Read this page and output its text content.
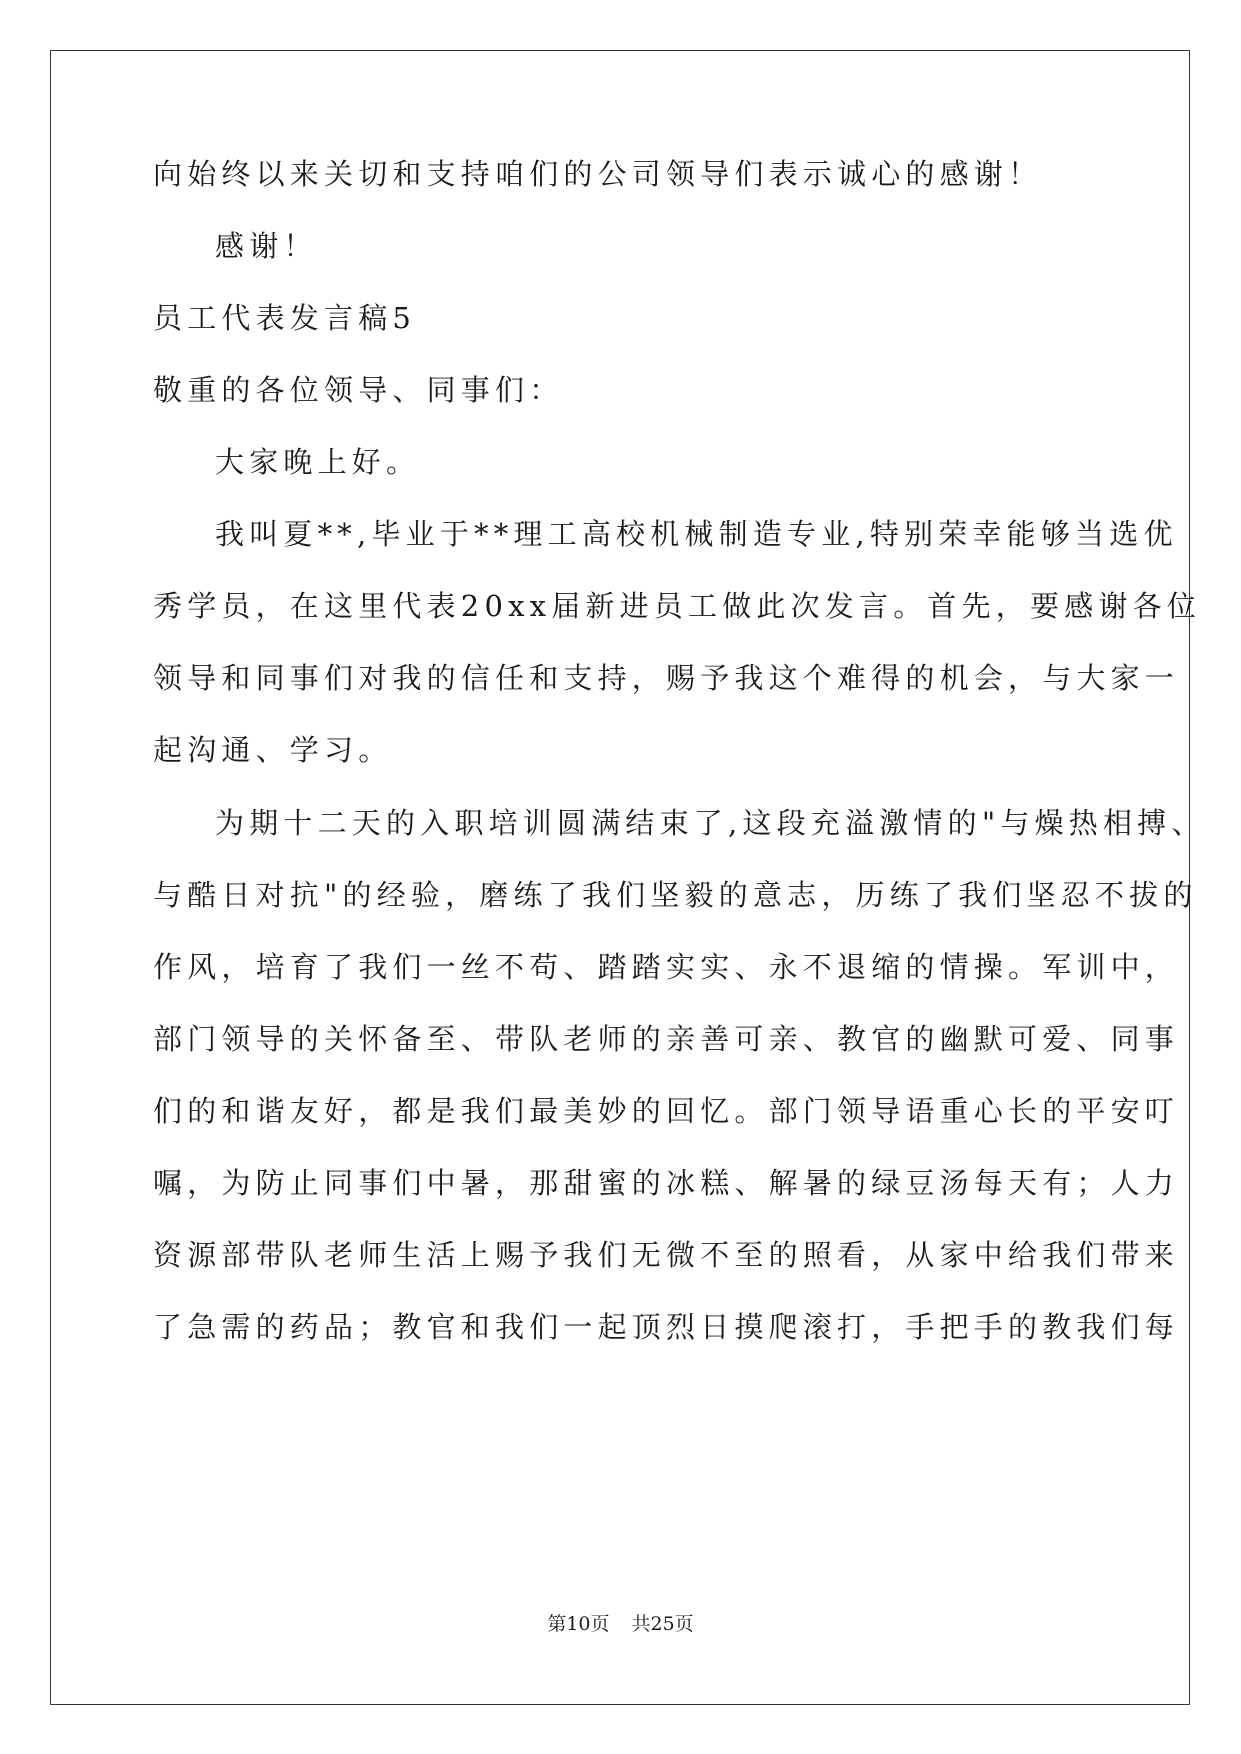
向始终以来关切和支持咱们的公司领导们表示诚心的感谢！
感谢！
员工代表发言稿5
敬重的各位领导、同事们：
大家晚上好。
我叫夏**,毕业于**理工高校机械制造专业,特别荣幸能够当选优
秀学员，在这里代表20xx届新进员工做此次发言。首先，要感谢各位
领导和同事们对我的信任和支持，赐予我这个难得的机会，与大家一
起沟通、学习。
为期十二天的入职培训圆满结束了,这段充溢激情的"与燥热相搏、
与酷日对抗"的经验，磨练了我们坚毅的意志，历练了我们坚忍不拔的
作风，培育了我们一丝不苟、踏踏实实、永不退缩的情操。军训中，
部门领导的关怀备至、带队老师的亲善可亲、教官的幽默可爱、同事
们的和谐友好，都是我们最美妙的回忆。部门领导语重心长的平安叮
嘱，为防止同事们中暑，那甜蜜的冰糕、解暑的绿豆汤每天有；人力
资源部带队老师生活上赐予我们无微不至的照看，从家中给我们带来
了急需的药品；教官和我们一起顶烈日摸爬滚打，手把手的教我们每
第10页 共25页
